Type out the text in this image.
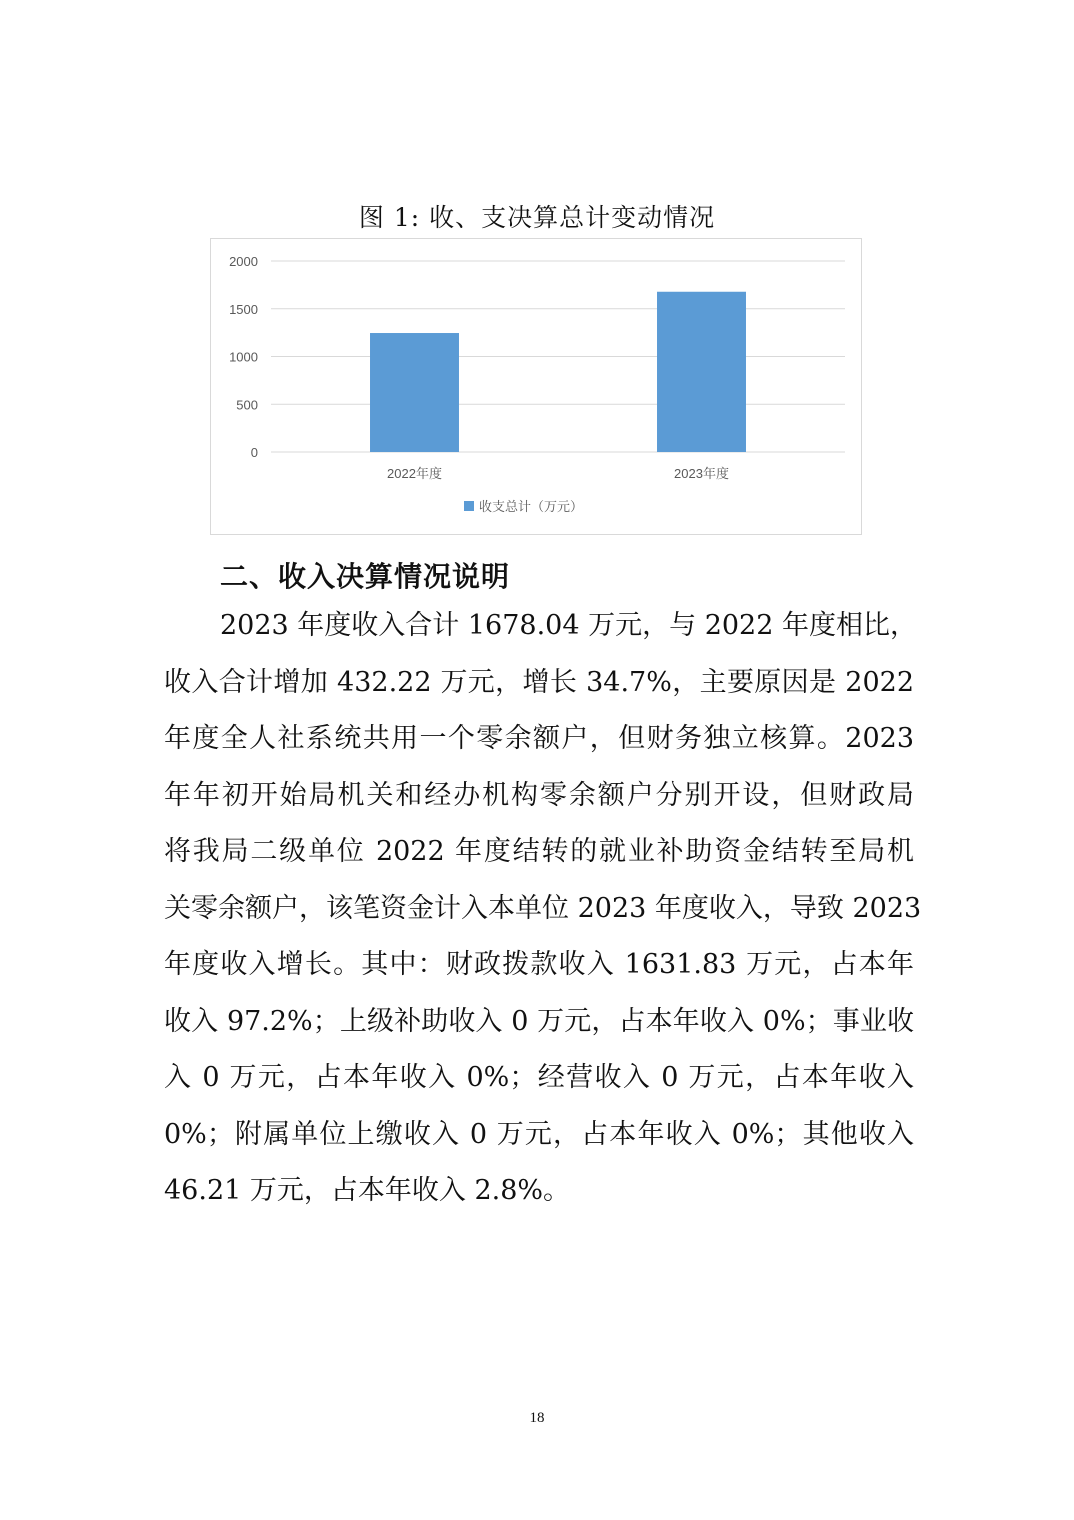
图 1: 收、支决算总计变动情况
0
500
1000
1500
2000
2022年度	2023年度
收支总计（万元）
二、收入决算情况说明
2023 年度收入合计 1678.04 万元，与 2022 年度相比，
收入合计增加 432.22 万元，增长 34.7%，主要原因是 2022
年度全人社系统共用一个零余额户，但财务独立核算。2023
年年初开始局机关和经办机构零余额户分别开设，但财政局
将我局二级单位 2022 年度结转的就业补助资金结转至局机
关零余额户，该笔资金计入本单位 2023 年度收入，导致 2023
年度收入增长。其中：财政拨款收入 1631.83 万元，占本年
收入 97.2%；上级补助收入 0 万元，占本年收入 0%；事业收
入 0 万元，占本年收入 0%；经营收入 0 万元，占本年收入
0%；附属单位上缴收入 0 万元，占本年收入 0%；其他收入
46.21 万元，占本年收入 2.8%。
18
